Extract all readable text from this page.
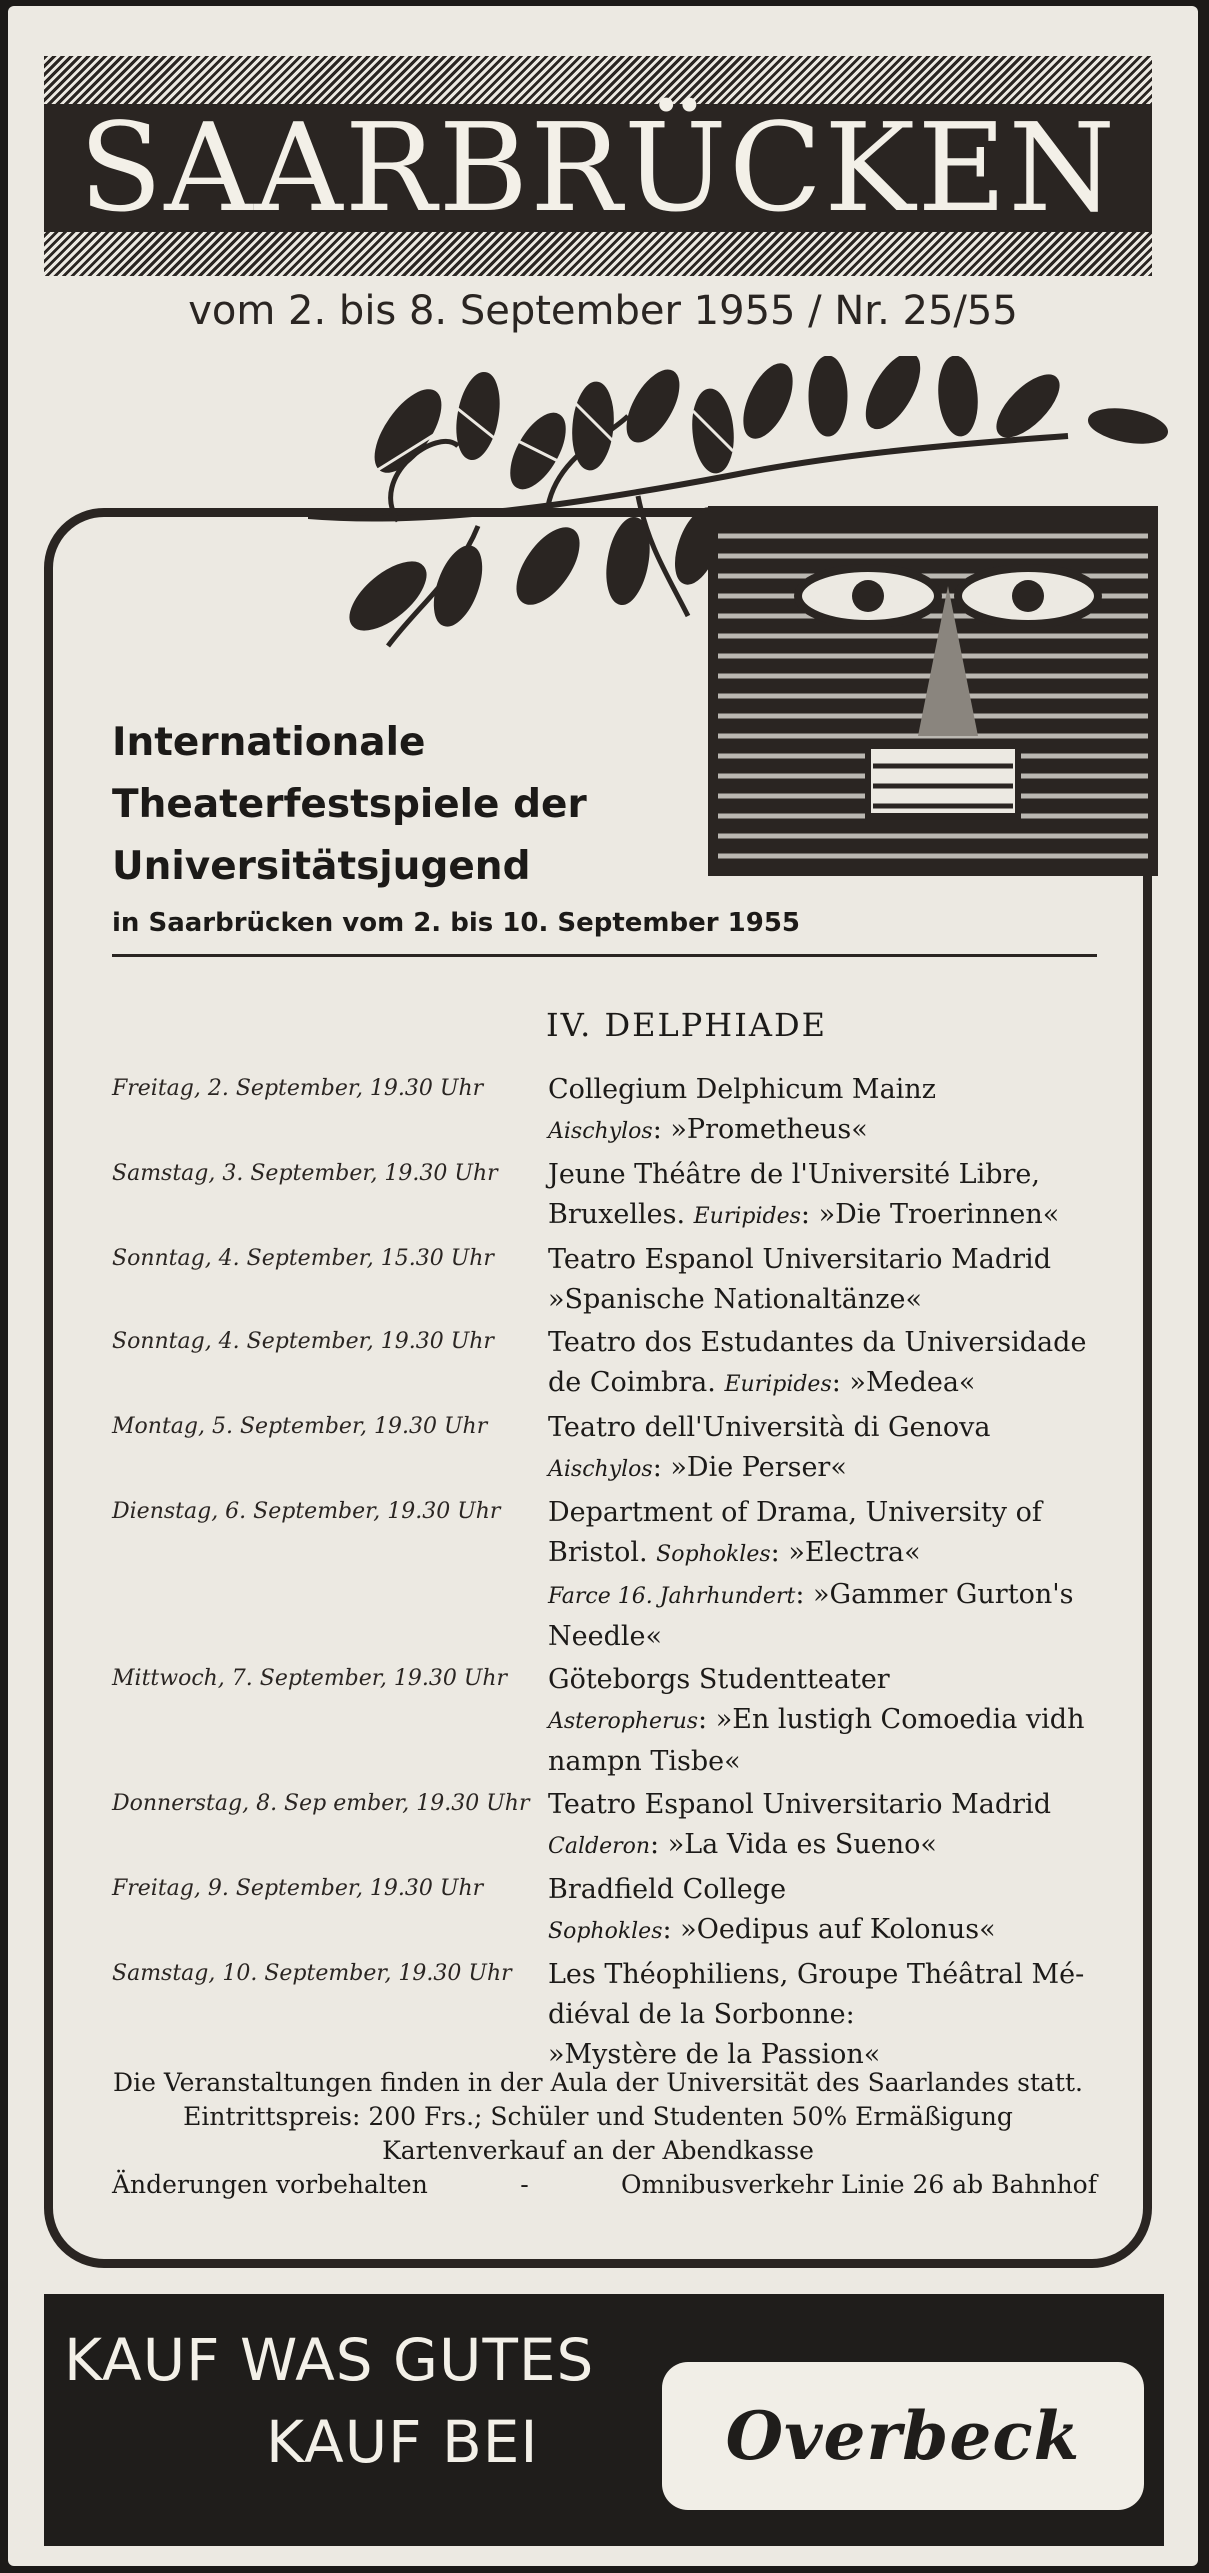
SAARBRÜCKEN
vom 2. bis 8. September 1955 / Nr. 25/55
Internationale
Theaterfestspiele der
Universitätsjugend
in Saarbrücken vom 2. bis 10. September 1955
IV. DELPHIADE
Freitag, 2. September, 19.30 Uhr	Collegium Delphicum Mainz
Aischylos: »Prometheus«
Samstag, 3. September, 19.30 Uhr	Jeune Théâtre de l'Université Libre,
Bruxelles. Euripides: »Die Troerinnen«
Sonntag, 4. September, 15.30 Uhr	Teatro Espanol Universitario Madrid
»Spanische Nationaltänze«
Sonntag, 4. September, 19.30 Uhr	Teatro dos Estudantes da Universidade
de Coimbra. Euripides: »Medea«
Montag, 5. September, 19.30 Uhr	Teatro dell'Università di Genova
Aischylos: »Die Perser«
Dienstag, 6. September, 19.30 Uhr	Department of Drama, University of
Bristol. Sophokles: »Electra«
Farce 16. Jahrhundert: »Gammer Gurton's
Needle«
Mittwoch, 7. September, 19.30 Uhr	Göteborgs Studentteater
Asteropherus: »En lustigh Comoedia vidh
nampn Tisbe«
Donnerstag, 8. Sep ember, 19.30 Uhr Teatro Espanol Universitario Madrid
Calderon: »La Vida es Sueno«
Freitag, 9. September, 19.30 Uhr	Bradfield College
Sophokles: »Oedipus auf Kolonus«
Samstag, 10. September, 19.30 Uhr	Les Théophiliens, Groupe Théâtral Mé-
diéval de la Sorbonne:
»Mystère de la Passion«
Die Veranstaltungen finden in der Aula der Universität des Saarlandes statt.
Eintrittspreis: 200 Frs.; Schüler und Studenten 50% Ermäßigung
Kartenverkauf an der Abendkasse
Änderungen vorbehalten	-	Omnibusverkehr Linie 26 ab Bahnhof
KAUF WAS GUTES
KAUF BEI	Overbeck
